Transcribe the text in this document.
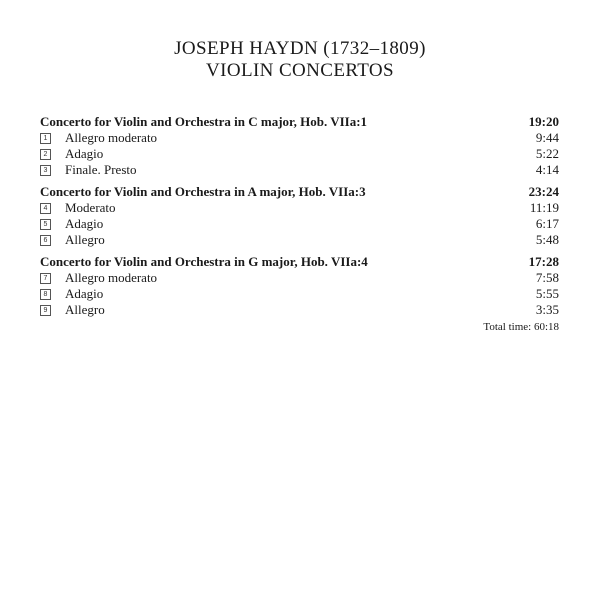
JOSEPH HAYDN (1732–1809)
VIOLIN CONCERTOS
Concerto for Violin and Orchestra in C major, Hob. VIIa:1	19:20
1 Allegro moderato	9:44
2 Adagio	5:22
3 Finale. Presto	4:14
Concerto for Violin and Orchestra in A major, Hob. VIIa:3	23:24
4 Moderato	11:19
5 Adagio	6:17
6 Allegro	5:48
Concerto for Violin and Orchestra in G major, Hob. VIIa:4	17:28
7 Allegro moderato	7:58
8 Adagio	5:55
9 Allegro	3:35
Total time: 60:18
